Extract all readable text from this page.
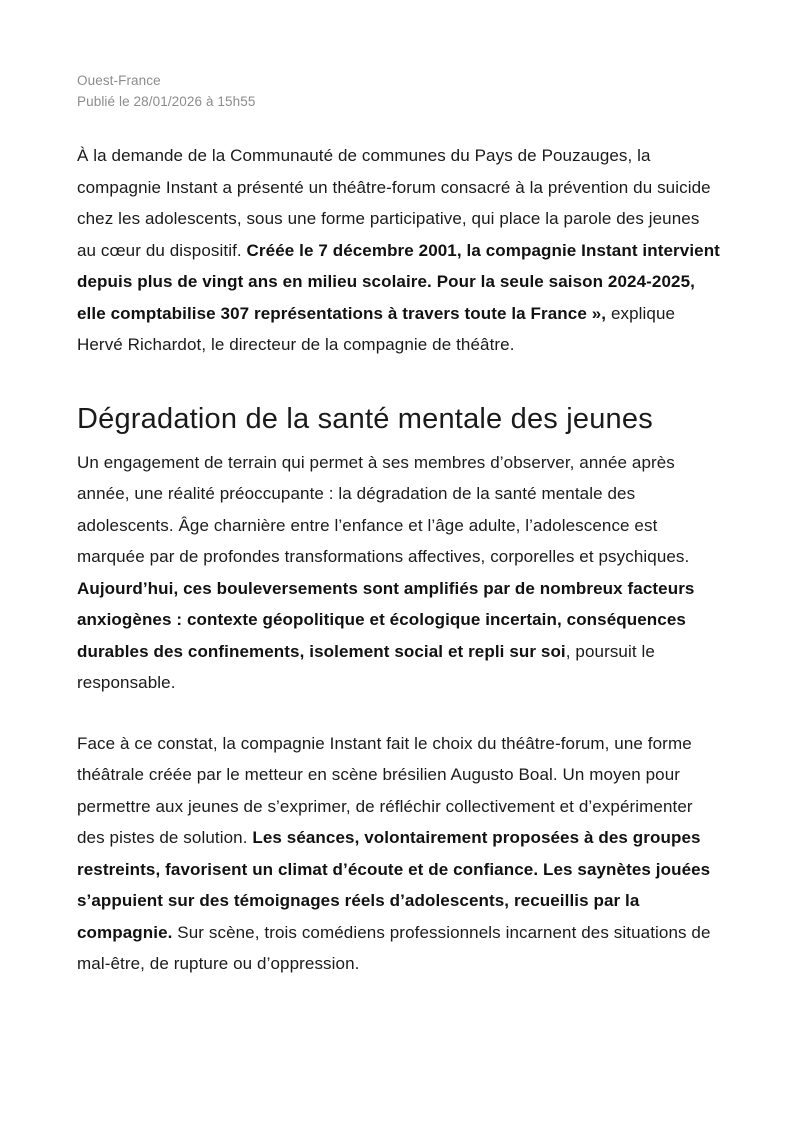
Ouest-France
Publié le 28/01/2026 à 15h55

À la demande de la Communauté de communes du Pays de Pouzauges, la compagnie Instant a présenté un théâtre-forum consacré à la prévention du suicide chez les adolescents, sous une forme participative, qui place la parole des jeunes au cœur du dispositif. Créée le 7 décembre 2001, la compagnie Instant intervient depuis plus de vingt ans en milieu scolaire. Pour la seule saison 2024-2025, elle comptabilise 307 représentations à travers toute la France », explique Hervé Richardot, le directeur de la compagnie de théâtre.

Dégradation de la santé mentale des jeunes

Un engagement de terrain qui permet à ses membres d’observer, année après année, une réalité préoccupante : la dégradation de la santé mentale des adolescents. Âge charnière entre l’enfance et l’âge adulte, l’adolescence est marquée par de profondes transformations affectives, corporelles et psychiques. Aujourd’hui, ces bouleversements sont amplifiés par de nombreux facteurs anxiogènes : contexte géopolitique et écologique incertain, conséquences durables des confinements, isolement social et repli sur soi, poursuit le responsable.

Face à ce constat, la compagnie Instant fait le choix du théâtre-forum, une forme théâtrale créée par le metteur en scène brésilien Augusto Boal. Un moyen pour permettre aux jeunes de s’exprimer, de réfléchir collectivement et d’expérimenter des pistes de solution. Les séances, volontairement proposées à des groupes restreints, favorisent un climat d’écoute et de confiance. Les saynètes jouées s’appuient sur des témoignages réels d’adolescents, recueillis par la compagnie. Sur scène, trois comédiens professionnels incarnent des situations de mal-être, de rupture ou d’oppression.
